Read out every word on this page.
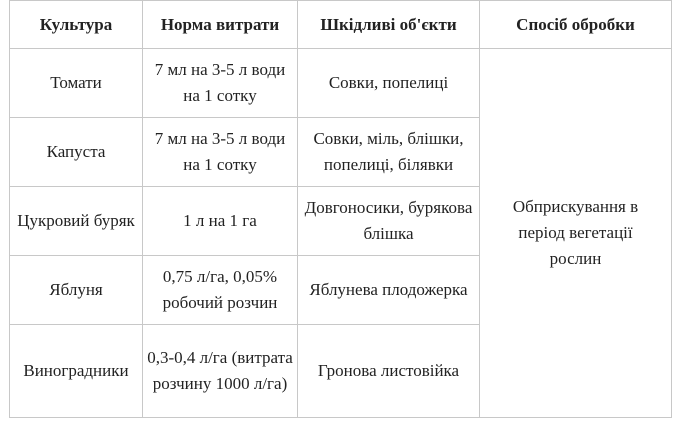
Культура	Норма витрати	Шкідливі об'єкти	Спосіб обробки
Томати	7 мл на 3-5 л води на 1 сотку	Совки, попелиці	Обприскування в період вегетації рослин
Капуста	7 мл на 3-5 л води на 1 сотку	Совки, міль, блішки, попелиці, білявки	
Цукровий буряк	1 л на 1 га	Довгоносики, бурякова блішка	
Яблуня	0,75 л/га, 0,05% робочий розчин	Яблунева плодожерка	
Виноградники	0,3-0,4 л/га (витрата розчину 1000 л/га)	Гронова листовійка	
